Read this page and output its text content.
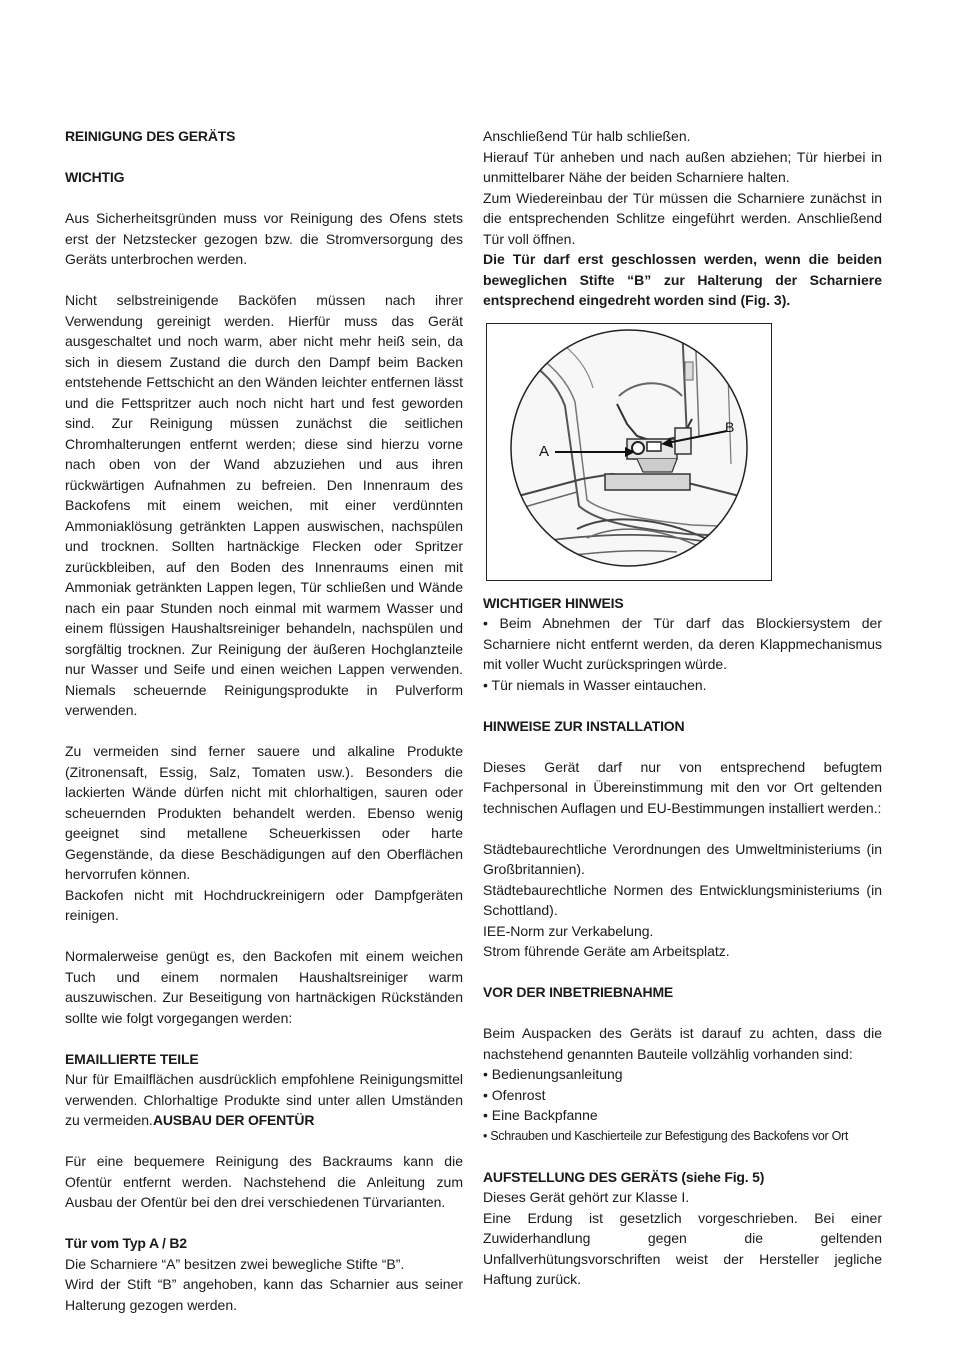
REINIGUNG DES GERÄTS

WICHTIG

Aus Sicherheitsgründen muss vor Reinigung des Ofens stets erst der Netzstecker gezogen bzw. die Stromversorgung des Geräts unterbrochen werden.

Nicht selbstreinigende Backöfen müssen nach ihrer Verwendung gereinigt werden. Hierfür muss das Gerät ausgeschaltet und noch warm, aber nicht mehr heiß sein, da sich in diesem Zustand die durch den Dampf beim Backen entstehende Fettschicht an den Wänden leichter entfernen lässt und die Fettspritzer auch noch nicht hart und fest geworden sind. Zur Reinigung müssen zunächst die seitlichen Chromhalterungen entfernt werden; diese sind hierzu vorne nach oben von der Wand abzuziehen und aus ihren rückwärtigen Aufnahmen zu befreien. Den Innenraum des Backofens mit einem weichen, mit einer verdünnten Ammoniaklösung getränkten Lappen auswischen, nachspülen und trocknen. Sollten hartnäckige Flecken oder Spritzer zurückbleiben, auf den Boden des Innenraums einen mit Ammoniak getränkten Lappen legen, Tür schließen und Wände nach ein paar Stunden noch einmal mit warmem Wasser und einem flüssigen Haushaltsreiniger behandeln, nachspülen und sorgfältig trocknen. Zur Reinigung der äußeren Hochglanzteile nur Wasser und Seife und einen weichen Lappen verwenden. Niemals scheuernde Reinigungsprodukte in Pulverform verwenden.

Zu vermeiden sind ferner sauere und alkaline Produkte (Zitronensaft, Essig, Salz, Tomaten usw.). Besonders die lackierten Wände dürfen nicht mit chlorhaltigen, sauren oder scheuernden Produkten behandelt werden. Ebenso wenig geeignet sind metallene Scheuerkissen oder harte Gegenstände, da diese Beschädigungen auf den Oberflächen hervorrufen können.

Backofen nicht mit Hochdruckreinigern oder Dampfgeräten reinigen.

Normalerweise genügt es, den Backofen mit einem weichen Tuch und einem normalen Haushaltsreiniger warm auszuwischen. Zur Beseitigung von hartnäckigen Rückständen sollte wie folgt vorgegangen werden:

EMAILLIERTE TEILE

Nur für Emailflächen ausdrücklich empfohlene Reinigungsmittel verwenden. Chlorhaltige Produkte sind unter allen Umständen zu vermeiden.AUSBAU DER OFENTÜR

Für eine bequemere Reinigung des Backraums kann die Ofentür entfernt werden. Nachstehend die Anleitung zum Ausbau der Ofentür bei den drei verschiedenen Türvarianten.

Tür vom Typ A / B2

Die Scharniere “A” besitzen zwei bewegliche Stifte “B”.

Wird der Stift “B” angehoben, kann das Scharnier aus seiner Halterung gezogen werden.

Anschließend Tür halb schließen.

Hierauf Tür anheben und nach außen abziehen; Tür hierbei in unmittelbarer Nähe der beiden Scharniere halten.

Zum Wiedereinbau der Tür müssen die Scharniere zunächst in die entsprechenden Schlitze eingeführt werden. Anschließend Tür voll öffnen.

Die Tür darf erst geschlossen werden, wenn die beiden beweglichen Stifte “B” zur Halterung der Scharniere entsprechend eingedreht worden sind (Fig. 3).

A
B

WICHTIGER HINWEIS

• Beim Abnehmen der Tür darf das Blockiersystem der Scharniere nicht entfernt werden, da deren Klappmechanismus mit voller Wucht zurückspringen würde.

• Tür niemals in Wasser eintauchen.

HINWEISE ZUR INSTALLATION

Dieses Gerät darf nur von entsprechend befugtem Fachpersonal in Übereinstimmung mit den vor Ort geltenden technischen Auflagen und EU-Bestimmungen installiert werden.:

Städtebaurechtliche Verordnungen des Umweltministeriums (in Großbritannien).

Städtebaurechtliche Normen des Entwicklungsministeriums (in Schottland).

IEE-Norm zur Verkabelung.

Strom führende Geräte am Arbeitsplatz.

VOR DER INBETRIEBNAHME

Beim Auspacken des Geräts ist darauf zu achten, dass die nachstehend genannten Bauteile vollzählig vorhanden sind:

• Bedienungsanleitung
• Ofenrost
• Eine Backpfanne
• Schrauben und Kaschierteile zur Befestigung des Backofens vor Ort

AUFSTELLUNG DES GERÄTS (siehe Fig. 5)

Dieses Gerät gehört zur Klasse I.

Eine Erdung ist gesetzlich vorgeschrieben. Bei einer Zuwiderhandlung gegen die geltenden Unfallverhütungsvorschriften weist der Hersteller jegliche Haftung zurück.
